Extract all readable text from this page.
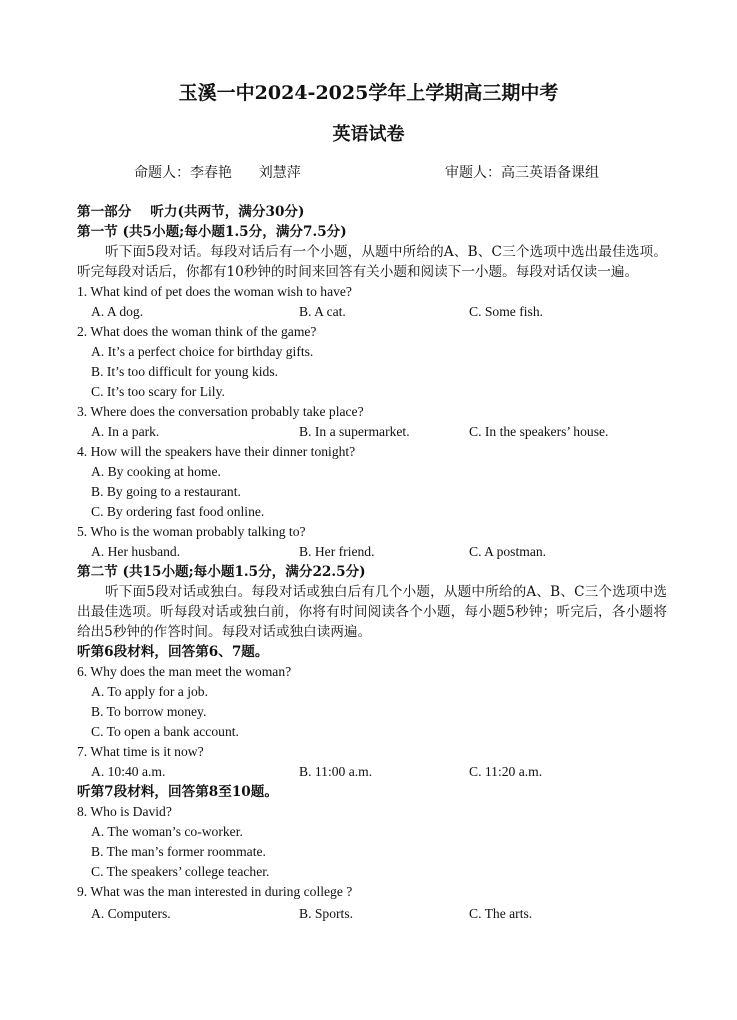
玉溪一中2024-2025学年上学期高三期中考
英语试卷
命题人：李春艳      刘慧萍	审题人：高三英语备课组
第一部分    听力(共两节，满分30分)
第一节 (共5小题;每小题1.5分，满分7.5分)
听下面5段对话。每段对话后有一个小题，从题中所给的A、B、C三个选项中选出最佳选项。听完每段对话后，你都有10秒钟的时间来回答有关小题和阅读下一小题。每段对话仅读一遍。
1. What kind of pet does the woman wish to have?
A. A dog.	B. A cat.	C. Some fish.
2. What does the woman think of the game?
A. It’s a perfect choice for birthday gifts.
B. It’s too difficult for young kids.
C. It’s too scary for Lily.
3. Where does the conversation probably take place?
A. In a park.	B. In a supermarket.	C. In the speakers’ house.
4. How will the speakers have their dinner tonight?
A. By cooking at home.
B. By going to a restaurant.
C. By ordering fast food online.
5. Who is the woman probably talking to?
A. Her husband.	B. Her friend.	C. A postman.
第二节 (共15小题;每小题1.5分，满分22.5分)
听下面5段对话或独白。每段对话或独白后有几个小题，从题中所给的A、B、C三个选项中选出最佳选项。听每段对话或独白前，你将有时间阅读各个小题，每小题5秒钟；听完后，各小题将给出5秒钟的作答时间。每段对话或独白读两遍。
听第6段材料，回答第6、7题。
6. Why does the man meet the woman?
A. To apply for a job.
B. To borrow money.
C. To open a bank account.
7. What time is it now?
A. 10:40 a.m.	B. 11:00 a.m.	C. 11:20 a.m.
听第7段材料，回答第8至10题。
8. Who is David?
A. The woman’s co-worker.
B. The man’s former roommate.
C. The speakers’ college teacher.
9. What was the man interested in during college ?
A. Computers.	B. Sports.	C. The arts.
